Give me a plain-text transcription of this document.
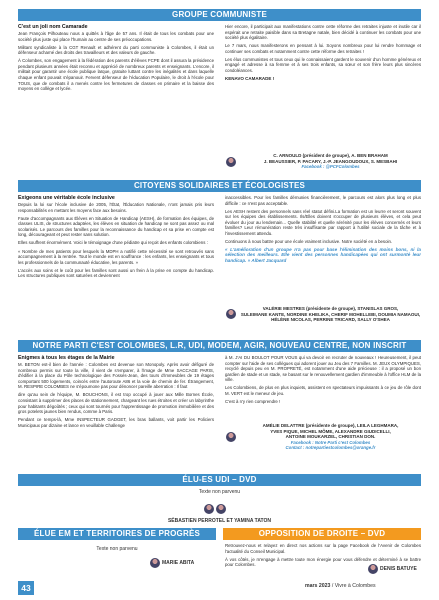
GROUPE COMMUNISTE
C'est un joli nom Camarade

Jean François Pilhouteau nous a quittés à l'âge de 57 ans. Il était de tous les combats pour une société plus juste qui place l'humain au centre de ses préoccupations.

Militant syndicaliste à la CGT Renault et adhérent du parti communiste à Colombes, il était un défenseur acharné des droits des travailleurs et des valeurs de gauche.

À Colombes, son engagement à la fédération des parents d'élèves FCPE dont il assura la présidence pendant plusieurs années était reconnu et apprécié de nombreux parents et enseignants. L'encore, il militait pour garantir une école publique laïque, gratuite luttant contre les inégalités et dans laquelle chaque enfant pouvait s'épanouir. Fervent défenseur de l'éducation Populaire, le droit à l'école pour TOUS, que de combats il a menés contre les fermetures de classes en primaire et la baisse des moyens en collège et lycée.

Hier encore, il participait aux manifestations contre cette réforme des retraites injuste et inutile car il espérait une retraite paisible dans sa Bretagne natale, bien décidé à continuer les combats pour une société plus égalitaire.

Le 7 mars, nous manifesterons en pensant à lui. Soyons nombreux pour lui rendre hommage et continuer ses combats et notamment contre cette réforme des retraites !

Les élus communistes et tous ceux qui le connaissaient gardent le souvenir d'un homme généreux et engagé et adresse à sa femme et à ses trois enfants, sa sœur et son frère leurs plus sincères condoléances.

KENAVO CAMARADE !
C. ARNOULD (président de groupe), A. BEN BRAHAM
J. BEAUSSIER, P. PACARY, J.-P. JEANGOUDOUX, S. MESBAHI
Facebook : @PCFColombes
CITOYENS SOLIDAIRES ET ÉCOLOGISTES
Exigeons une véritable école inclusive

Depuis la loi sur l'école inclusive de 2005, l'État, l'Éducation Nationale, n'ont jamais pris leurs responsabilités en mettant les moyens face aux besoins.

Faute d'accompagnants aux Élèves en Situation de Handicap (AESH), de formation des équipes, de classes ULIS, de structures adaptées, les élèves en situation de handicap ne sont pas assez ou mal scolarisés. Le parcours des familles pour la reconnaissance du handicap et sa prise en compte est long, décourageant et peut rester sans solution.

Elles souffrent énormément. Voici le témoignage d'une pédiatre qui reçoit des enfants colombiens :

« Nombre de mes patients pour lesquels la MDPH a notifié cette nécessité se sont retrouvés sans accompagnement à la rentrée. Tout le monde est en souffrance : les enfants, les enseignants et tous les professionnels de la communauté éducative, les parents. »

L'accès aux soins et le coût pour les familles sont aussi un frein à la prise en compte du handicap. Les structures publiques sont saturées et deviennent

inaccessibles. Pour les familles démunies financièrement, le parcours est alors plus long et plus difficile : ce n'est pas acceptable.

Les AESH restent des personnels sans réel statut défini.La formation est un leurre et seront souvent sur les équipes des établissements. Ils/Elles doivent s'occuper de plusieurs élèves, et cela peut évoluer du jour au lendemain... Quelle stabilité et quelle sérénité pour les élèves concernés et leurs familles? Leur rémunération reste très insuffisante par rapport à l'utilité sociale de la tâche et à l'investissement attendu.

Continuons à nous battre pour une école vraiment inclusive. Notre société en a besoin.

« L'amélioration d'un groupe n'a pas pour base l'élimination des moins bons, ni la sélection des meilleurs. Elle vient des personnes handicapées qui ont surmonté leur handicap. » Albert Jacquard
VALÉRIE MESTRES (présidente de groupe), STANISLAS GROS,
SULEIMANE KANTE, NORDINE KHELIKA, CHERIF MOHELLEBI, DOUMIA NAMAOUI, HÉLÈNE NICOLAS, PERRINE TRICARD, SALLY O'SHEA
NOTRE PARTI C'EST COLOMBES, L.R, UDI, MODEM, AGIR, NOUVEAU CENTRE, NON INSCRIT
Énigmes à tous les étages de la Mairie

M. BETON est-il bien de l'année : Colombes est devenue son Monopoly. Après avoir défiguré de nombreux permis sur toute la ville, il vient de s'emparer, à l'image de Mme SACCAGE PARIS, d'édifier à la place du Pôle technologique des Fossés-Jean, des tours d'immeubles de 19 étages comportant 500 logements, coincés entre l'autoroute A86 et la voie de chemin de fer. Étrangement, M. RESPIRE COLOMBES ne s'époumone pas pour dénoncer pareille aberration : Il faut

dire qu'au sein de l'équipe, M. BOUCHONS, il est trop occupé à jouer aux Mille Bornes École, consistant à supprimer des places de stationnement, chargeant les rues étroites et créer un labyrinthe pour habitants dégoûtés ; ceux qui sont tournés pour l'apprentissage de promotion immobilière et des gros potelets jaunes bien rendus, comme à Paris.

Pendant ce temps-là, Mme INSPECTEUR GADGET, les bras ballants, voit partir les Policiers Municipaux par dizaine et lance en veuillable Challenge

à M. J'AI DU BOULOT POUR VOUS qui va devoir en recruter de nouveaux ! Heureusement, il peut compter sur l'aide de ses collègues qui adorent jouer au Jeu des 7 Familles. M. JEUX OLYMPIQUES, recyclé depuis peu en M. PROPRETÉ, est notamment d'une aide précieuse : il a proposé un bon gardien de stade et un stade, se basant sur le renouvellement gardien d'immeuble à l'office HLM de la ville.

Les Colombiens, de plus en plus inquiets, assistent en spectateurs impuissants à ce jeu de rôle dont M. VERT est le meneur de jeu.

C'est à n'y rien comprendre !

AMÉLIE DELATTRE (présidente de groupe), LEILA LEGHMARA,
YVES PIQUE, MICHEL MÔME, ALEXANDRE GIUDICELLI,
ANTOINE MOUKARZEL, CHRISTIAN DON.
Facebook : Notre Parti c'est Colombes
Contact : notrepartiestcolombes@orange.fr
ÉLU-ES UDI – DVD
Texte non parvenu
SÉBASTIEN PERROTEL ET YAMINA TATON
ÉLUE EM ET TERRITOIRES DE PROGRÈS	OPPOSITION DE DROITE – DVD
Texte non parvenu
MARIE ABITA

Retrouvez-nous et relayez en direct nos actions sur la page Facebook de l'Avenir de Colombes l'actualité du Conseil Municipal.

À vos côtés, je m'engage à mettre toute mon énergie pour vous défendre et déterminé à se battre pour Colombes.

DENIS BATUYE
43	mars 2023 / Vivre à Colombes
